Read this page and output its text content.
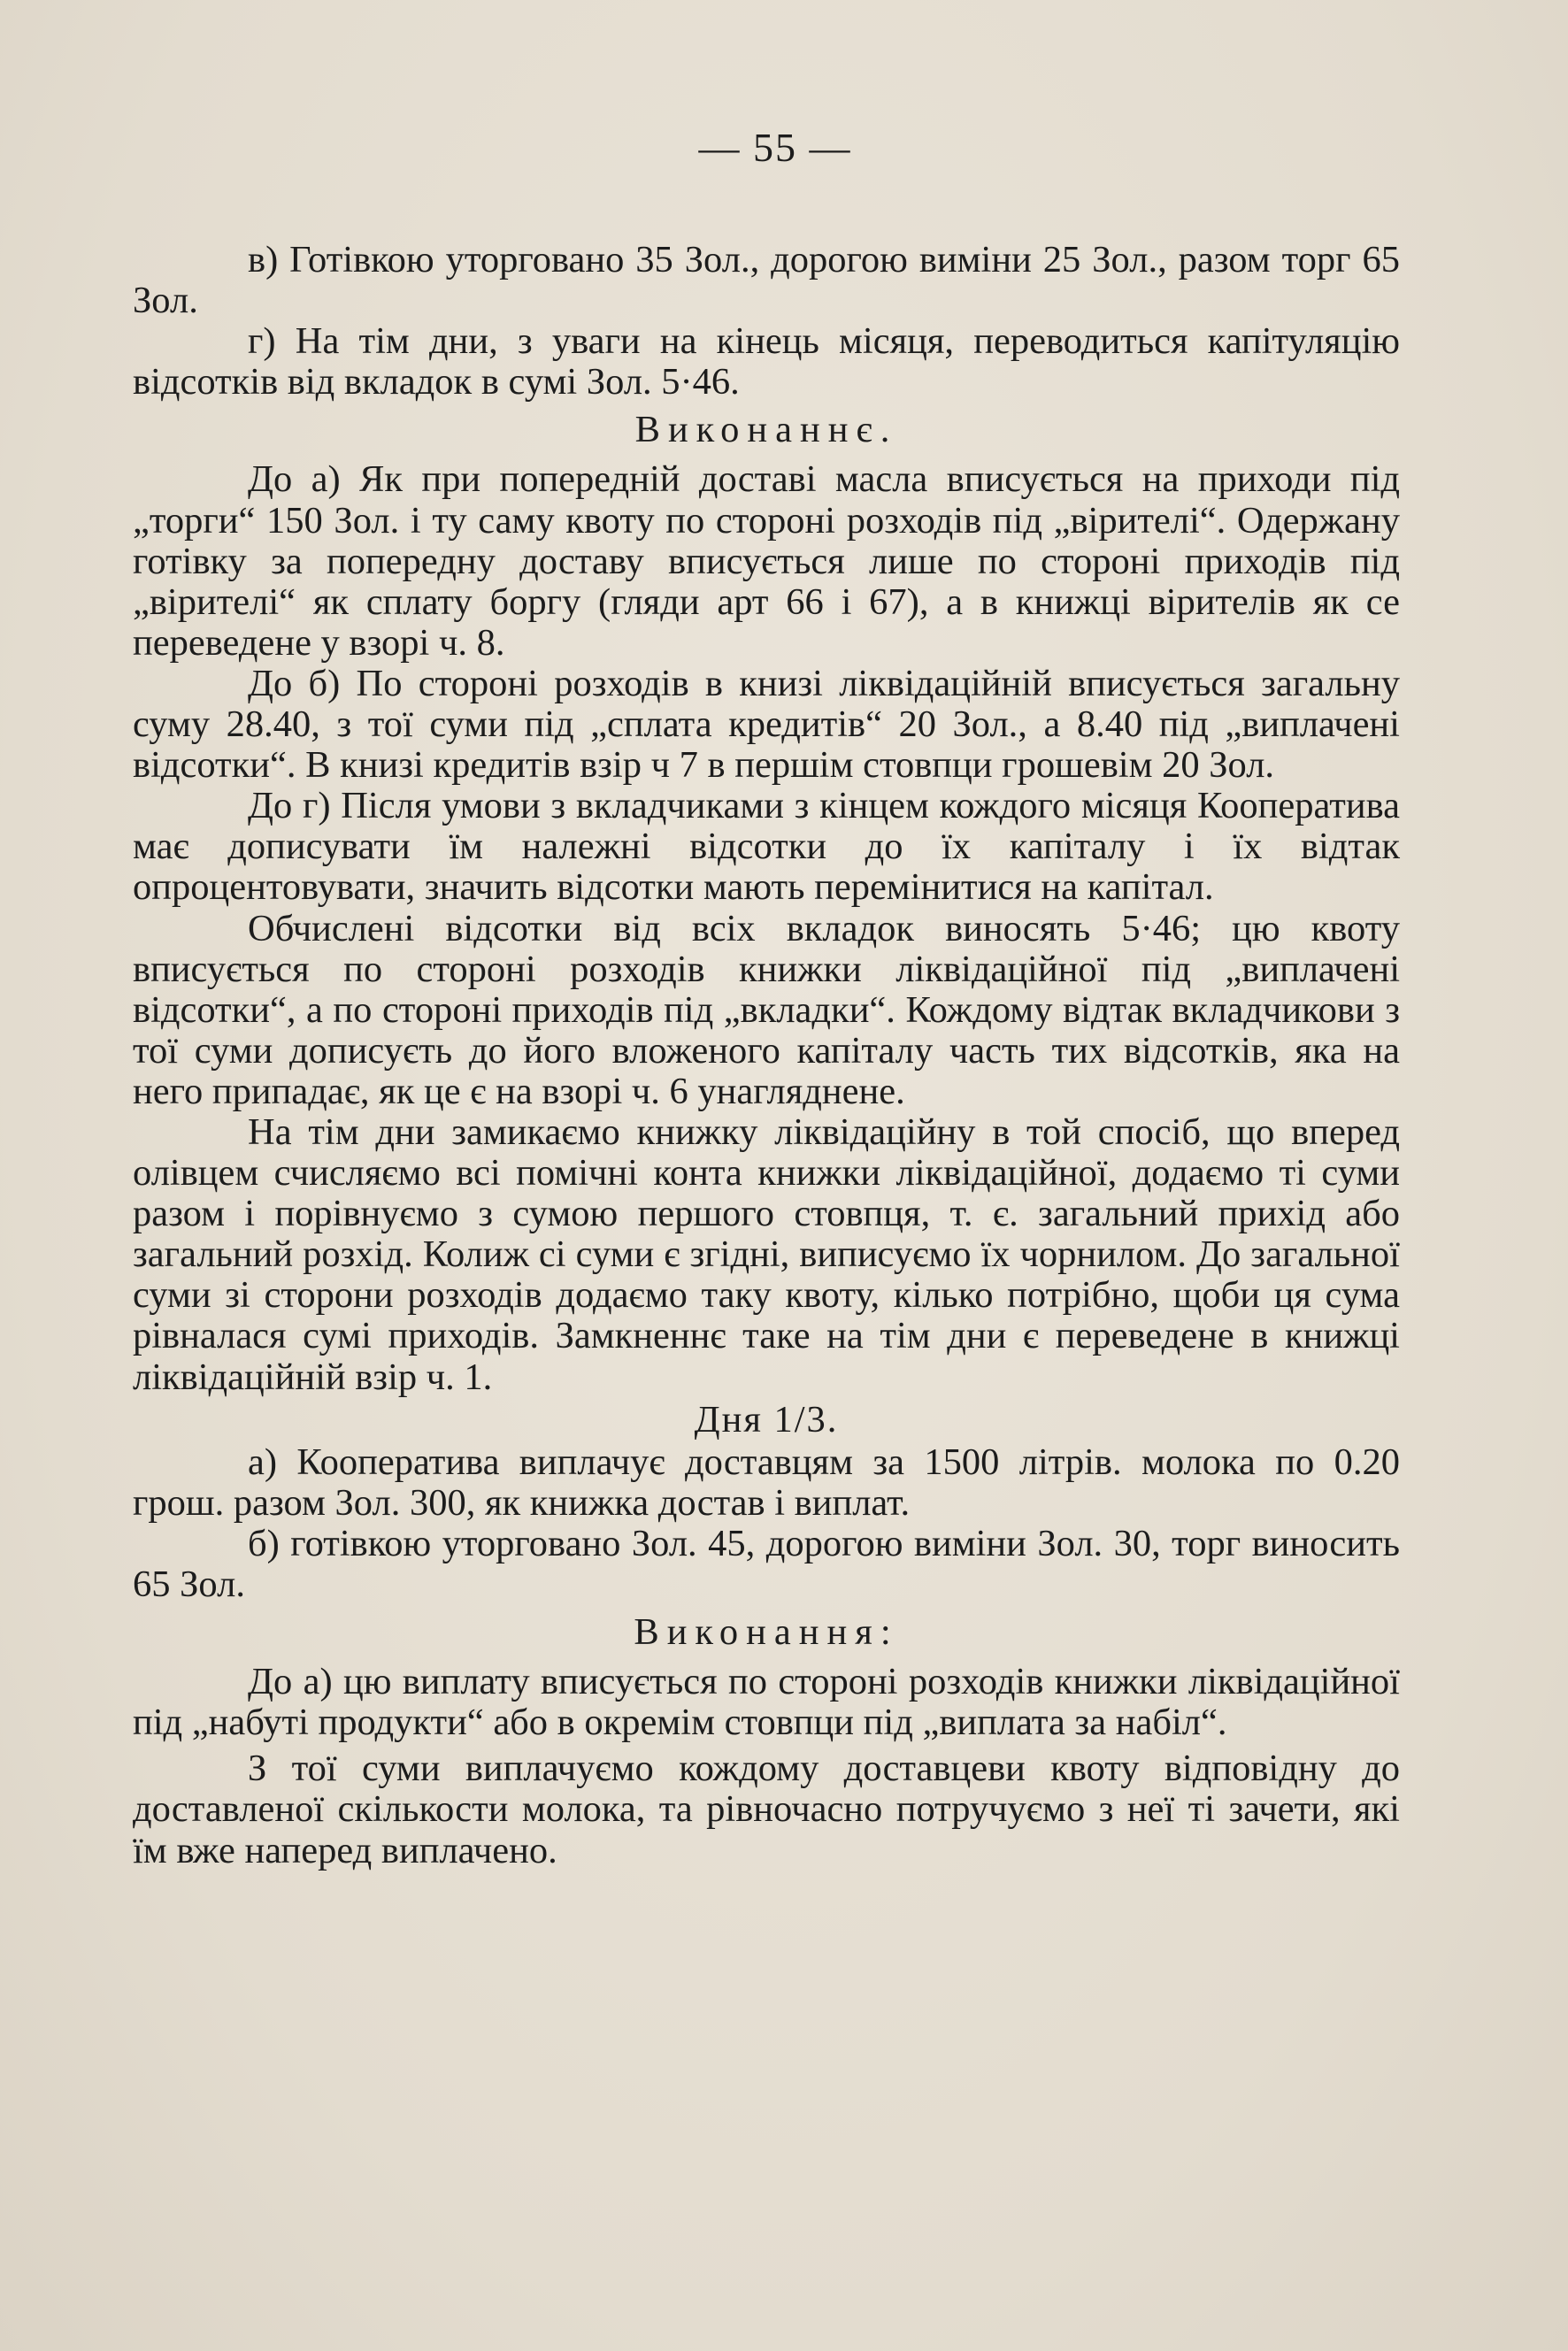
— 55 —

в) Готівкою уторговано 35 Зол., дорогою виміни 25 Зол., разом торг 65 Зол.

г) На тім дни, з уваги на кінець місяця, переводиться капітуляцію відсотків від вкладок в сумі Зол. 5·46.

Виконаннє.

До а) Як при попередній доставі масла вписується на приходи під „торги“ 150 Зол. і ту саму квоту по стороні розходів під „вірителі“. Одержану готівку за попередну доставу вписується лише по стороні приходів під „вірителі“ як сплату боргу (гляди арт 66 і 67), а в книжці вірителів як се переведене у взорі ч. 8.

До б) По стороні розходів в книзі ліквідаційній вписується загальну суму 28.40, з тої суми під „сплата кредитів“ 20 Зол., а 8.40 під „виплачені відсотки“. В книзі кредитів взір ч 7 в першім стовпци грошевім 20 Зол.

До г) Після умови з вкладчиками з кінцем кождого місяця Кооператива має дописувати їм належні відсотки до їх капіталу і їх відтак опроцентовувати, значить відсотки мають перемінитися на капітал.

Обчислені відсотки від всіх вкладок виносять 5·46; цю квоту вписується по стороні розходів книжки ліквідаційної під „виплачені відсотки“, а по стороні приходів під „вкладки“. Кождому відтак вкладчикови з тої суми дописуєть до його вложеного капіталу часть тих відсотків, яка на него припадає, як це є на взорі ч. 6 унагляднене.

На тім дни замикаємо книжку ліквідаційну в той спосіб, що вперед олівцем счисляємо всі помічні конта книжки ліквідаційної, додаємо ті суми разом і порівнуємо з сумою першого стовпця, т. є. загальний прихід або загальний розхід. Колиж сі суми є згідні, виписуємо їх чорнилом. До загальної суми зі сторони розходів додаємо таку квоту, кілько потрібно, щоби ця сума рівналася сумі приходів. Замкненнє таке на тім дни є переведене в книжці ліквідаційній взір ч. 1.

Дня 1/3.

а) Кооператива виплачує доставцям за 1500 літрів. молока по 0.20 грош. разом Зол. 300, як книжка достав і виплат.

б) готівкою уторговано Зол. 45, дорогою виміни Зол. 30, торг виносить 65 Зол.

Виконання:

До а) цю виплату вписується по стороні розходів книжки ліквідаційної під „набуті продукти“ або в окремім стовпци під „виплата за набіл“.

З тої суми виплачуємо кождому доставцеви квоту відповідну до доставленої скількости молока, та рівночасно потручуємо з неї ті зачети, які їм вже наперед виплачено.
